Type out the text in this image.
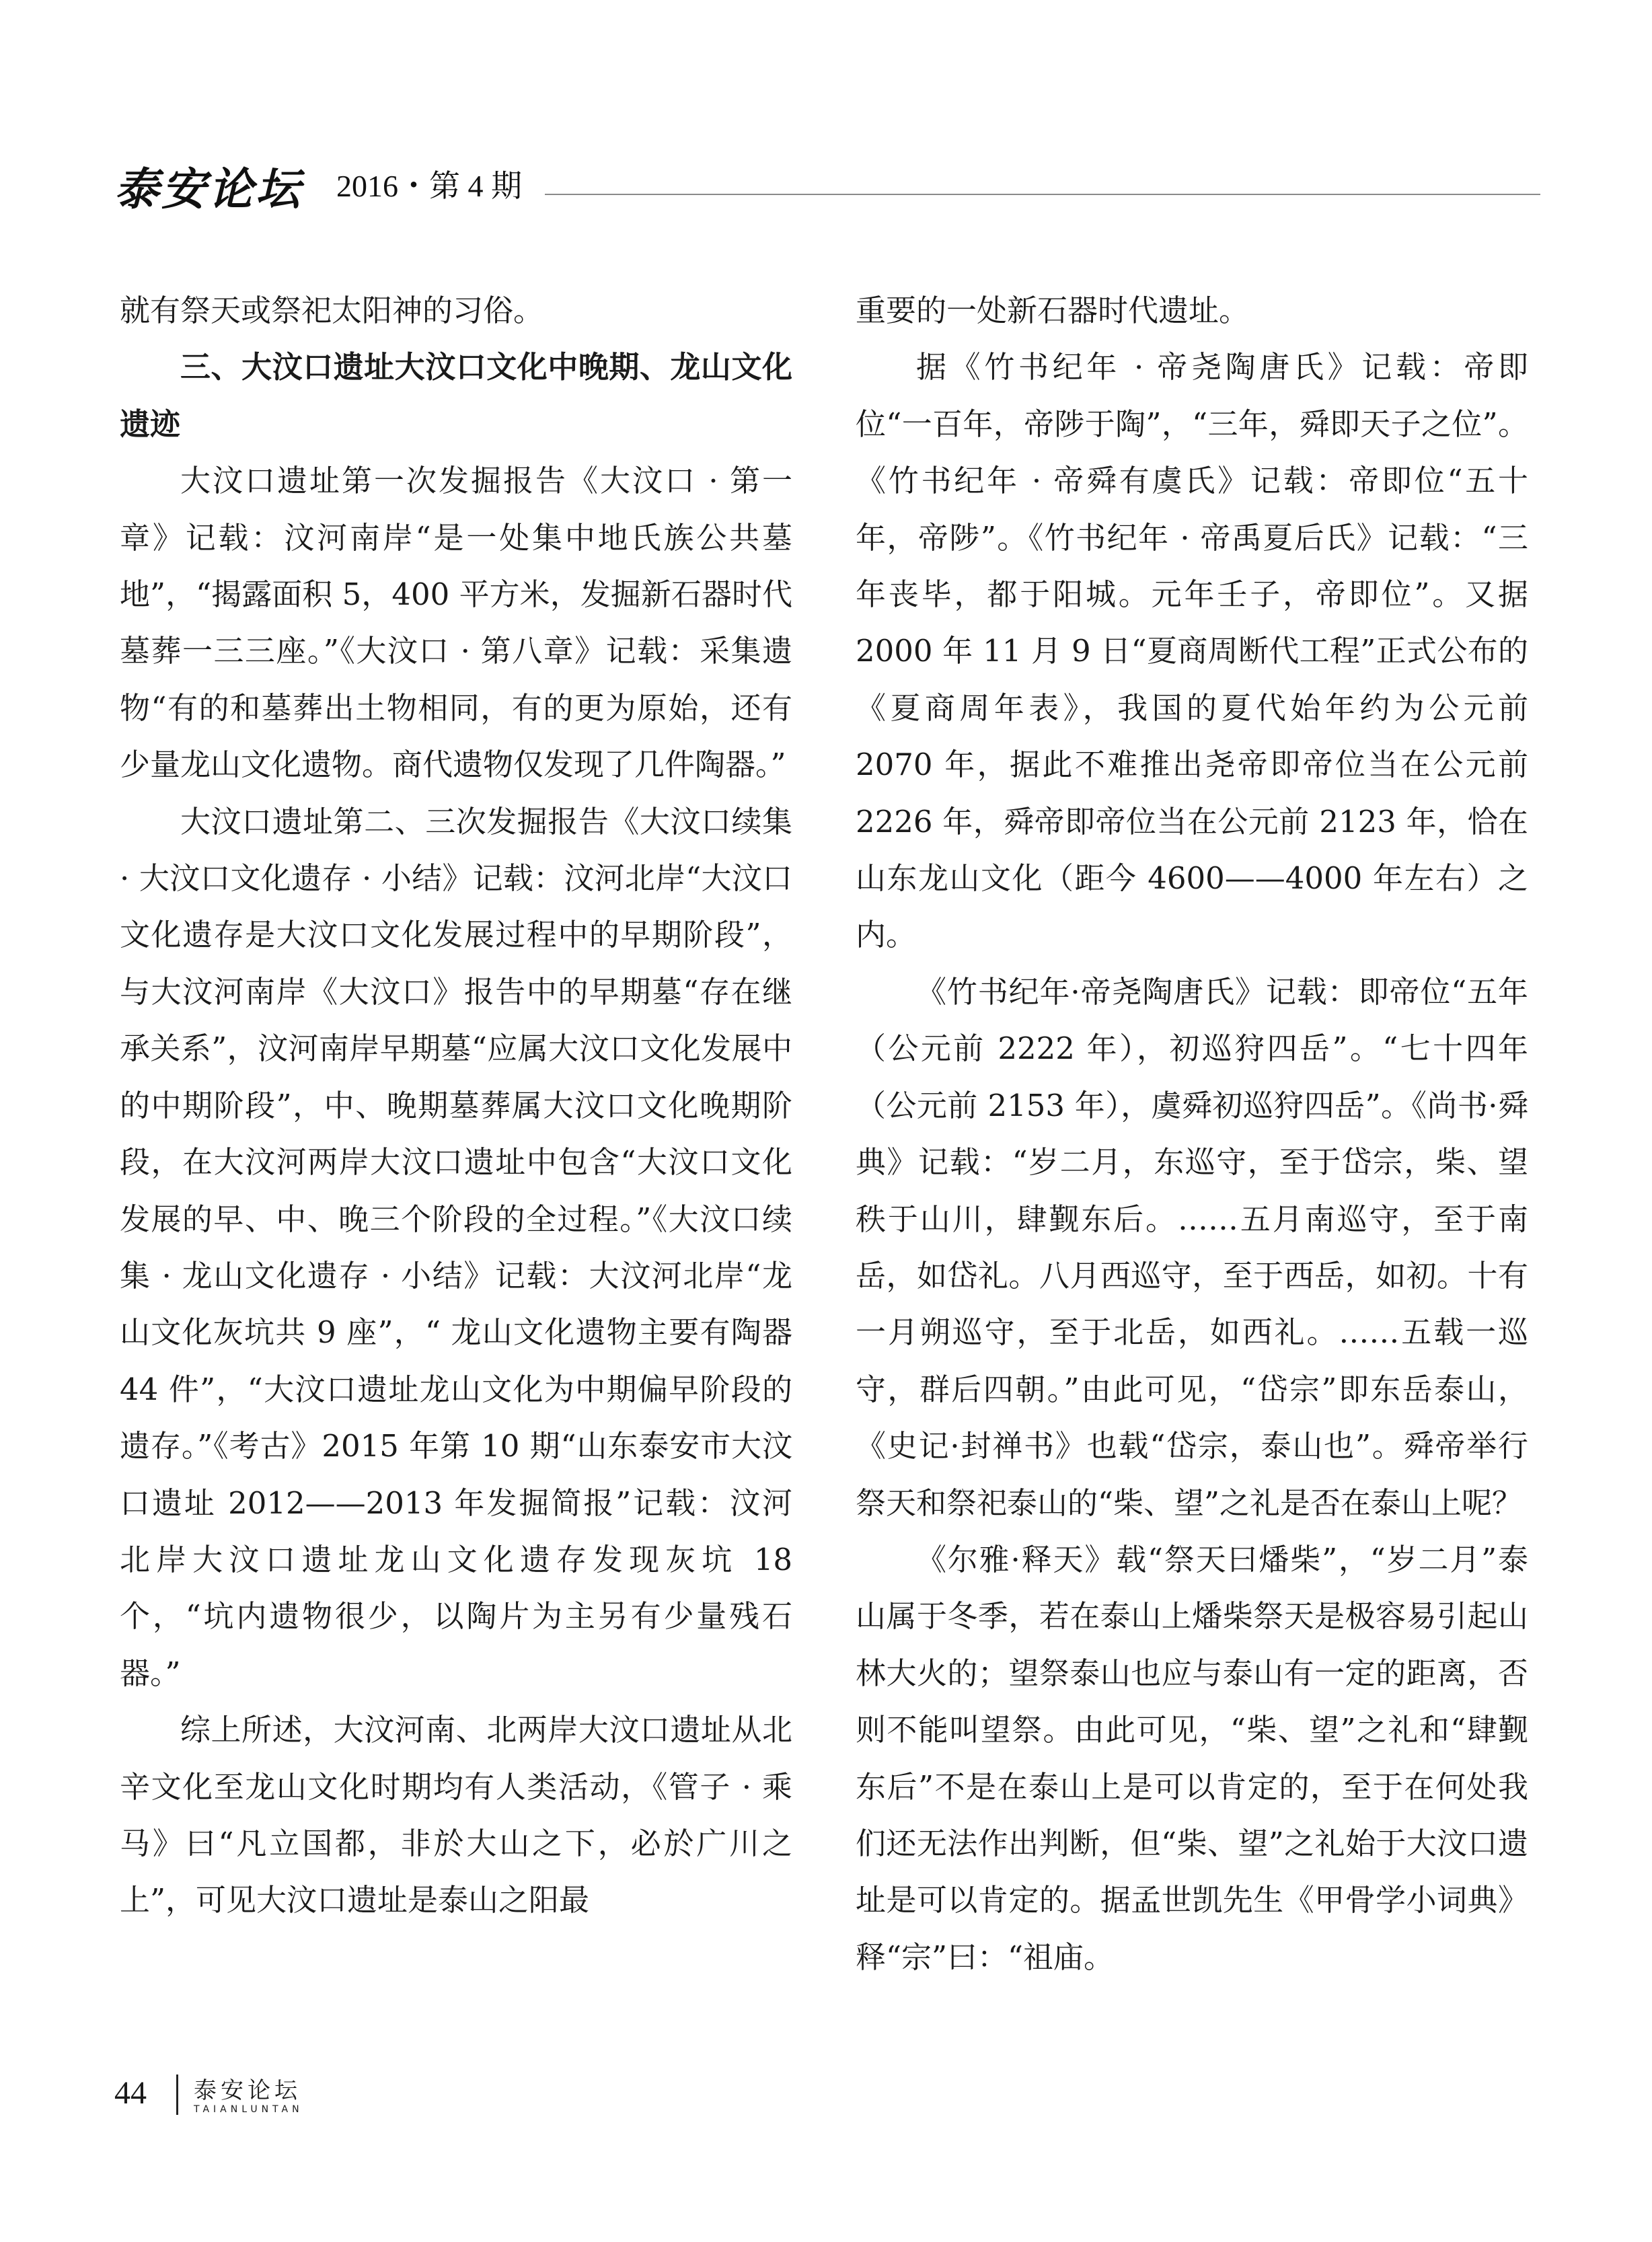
泰安论坛 2016・第 4 期

就有祭天或祭祀太阳神的习俗。

三、大汶口遗址大汶口文化中晚期、龙山文化遗迹

大汶口遗址第一次发掘报告《大汶口 · 第一章》记载：汶河南岸“是一处集中地氏族公共墓地”，“揭露面积 5，400 平方米，发掘新石器时代墓葬一三三座。”《大汶口 · 第八章》记载：采集遗物“有的和墓葬出土物相同，有的更为原始，还有少量龙山文化遗物。商代遗物仅发现了几件陶器。”

大汶口遗址第二、三次发掘报告《大汶口续集 · 大汶口文化遗存 · 小结》记载：汶河北岸“大汶口文化遗存是大汶口文化发展过程中的早期阶段”，与大汶河南岸《大汶口》报告中的早期墓“存在继承关系”，汶河南岸早期墓“应属大汶口文化发展中的中期阶段”，中、晚期墓葬属大汶口文化晚期阶段，在大汶河两岸大汶口遗址中包含“大汶口文化发展的早、中、晚三个阶段的全过程。”《大汶口续集 · 龙山文化遗存 · 小结》记载：大汶河北岸“龙山文化灰坑共 9 座”，“ 龙山文化遗物主要有陶器 44 件”，“大汶口遗址龙山文化为中期偏早阶段的遗存。”《考古》2015 年第 10 期“山东泰安市大汶口遗址 2012——2013 年发掘简报”记载：汶河北岸大汶口遗址龙山文化遗存发现灰坑 18 个，“坑内遗物很少，以陶片为主另有少量残石器。”

综上所述，大汶河南、北两岸大汶口遗址从北辛文化至龙山文化时期均有人类活动，《管子 · 乘马》曰“凡立国都，非於大山之下，必於广川之上”，可见大汶口遗址是泰山之阳最

重要的一处新石器时代遗址。

据《竹书纪年 · 帝尧陶唐氏》记载：帝即位“一百年，帝陟于陶”，“三年，舜即天子之位”。《竹书纪年 · 帝舜有虞氏》记载：帝即位“五十年，帝陟”。《竹书纪年 · 帝禹夏后氏》记载：“三年丧毕，都于阳城。元年壬子，帝即位”。又据 2000 年 11 月 9 日“夏商周断代工程”正式公布的《夏商周年表》，我国的夏代始年约为公元前 2070 年，据此不难推出尧帝即帝位当在公元前 2226 年，舜帝即帝位当在公元前 2123 年，恰在山东龙山文化（距今 4600——4000 年左右）之内。

《竹书纪年·帝尧陶唐氏》记载：即帝位“五年（公元前 2222 年），初巡狩四岳”。“七十四年（公元前 2153 年），虞舜初巡狩四岳”。《尚书·舜典》记载：“岁二月，东巡守，至于岱宗，柴、望秩于山川，肆觐东后。……五月南巡守，至于南岳，如岱礼。八月西巡守，至于西岳，如初。十有一月朔巡守，至于北岳，如西礼。……五载一巡守，群后四朝。”由此可见，“岱宗”即东岳泰山，《史记·封禅书》也载“岱宗，泰山也”。舜帝举行祭天和祭祀泰山的“柴、望”之礼是否在泰山上呢？

《尔雅·释天》载“祭天曰燔柴”，“岁二月”泰山属于冬季，若在泰山上燔柴祭天是极容易引起山林大火的；望祭泰山也应与泰山有一定的距离，否则不能叫望祭。由此可见，“柴、望”之礼和“肆觐东后”不是在泰山上是可以肯定的，至于在何处我们还无法作出判断，但“柴、望”之礼始于大汶口遗址是可以肯定的。据孟世凯先生《甲骨学小词典》释“宗”曰：“祖庙。

44 泰安论坛
TAIANLUNTAN
